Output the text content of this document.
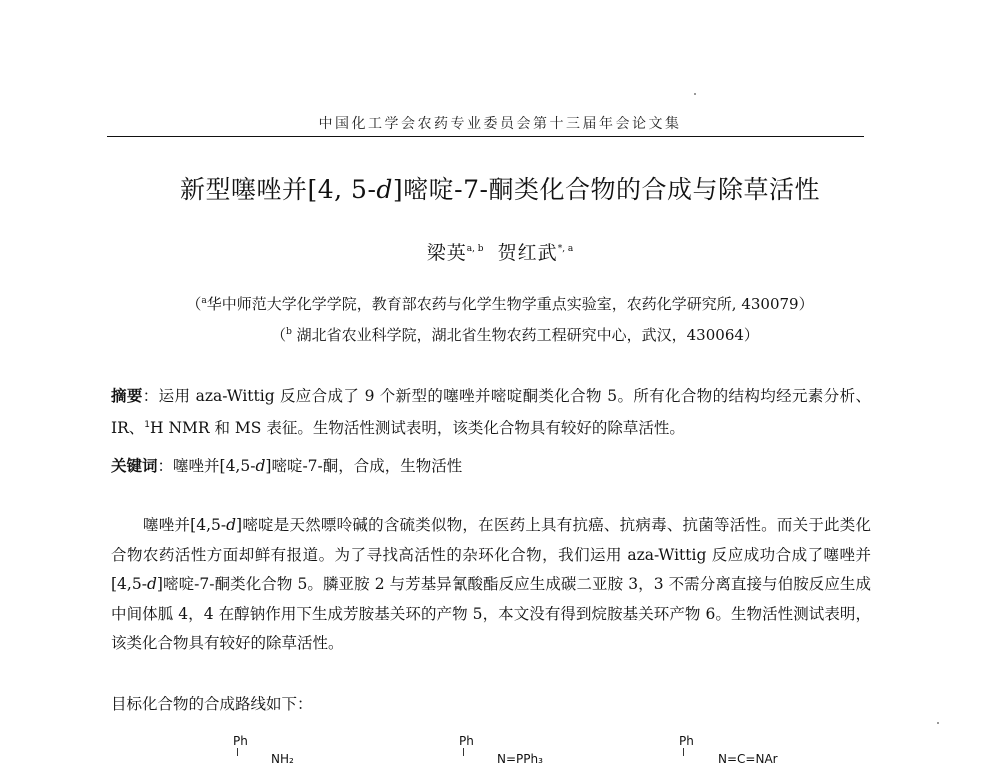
中国化工学会农药专业委员会第十三届年会论文集
新型噻唑并[4, 5-d]嘧啶-7-酮类化合物的合成与除草活性
梁英$^{a, b}$ 贺红武$^{*, a}$
（$^a$华中师范大学化学学院，教育部农药与化学生物学重点实验室，农药化学研究所, 430079）
（$^b$ 湖北省农业科学院，湖北省生物农药工程研究中心，武汉，430064）
摘要：运用 aza-Wittig 反应合成了 9 个新型的噻唑并嘧啶酮类化合物 5。所有化合物的结构均经元素分析、IR、$^1$H NMR 和 MS 表征。生物活性测试表明，该类化合物具有较好的除草活性。
关键词：噻唑并[4,5-d]嘧啶-7-酮，合成，生物活性
噻唑并[4,5-d]嘧啶是天然嘌呤碱的含硫类似物，在医药上具有抗癌、抗病毒、抗菌等活性。而关于此类化合物农药活性方面却鲜有报道。为了寻找高活性的杂环化合物，我们运用 aza-Wittig 反应成功合成了噻唑并[4,5-d]嘧啶-7-酮类化合物 5。膦亚胺 2 与芳基异氰酸酯反应生成碳二亚胺 3，3 不需分离直接与伯胺反应生成中间体胍 4，4 在醇钠作用下生成芳胺基关环的产物 5，本文没有得到烷胺基关环产物 6。生物活性测试表明，该类化合物具有较好的除草活性。
目标化合物的合成路线如下：
Ph
NH₂
Ph
N=PPh₃
Ph
N=C=NAr
